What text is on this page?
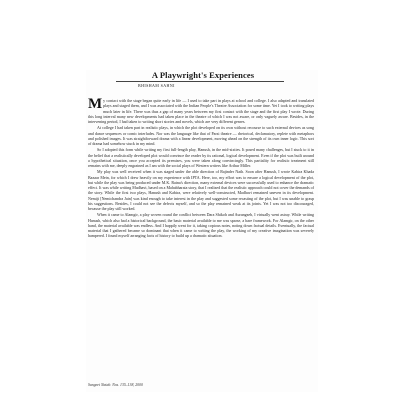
A Playwright's Experiences
BHISHAM SAHNI

My contact with the stage began quite early in life — I used to take part in plays at school and college. I also adapted and translated plays and staged them, and I was associated with the Indian People's Theatre Association for some time. Yet I took to writing plays much later in life. There was thus a gap of many years between my first contact with the stage and the first play I wrote. During this long interval many new developments had taken place in the theatre of which I was not aware, or only vaguely aware. Besides, in the intervening period, I had taken to writing short stories and novels, which are very different genres.

At college I had taken part in realistic plays, in which the plot developed on its own without recourse to such external devices as song and dance sequences or comic interludes. Nor was the language like that of Parsi theatre — rhetorical, declamatory, replete with metaphors and polished images. It was straightforward drama with a linear development, moving ahead on the strength of its own inner logic. This sort of drama had somehow stuck in my mind.

So I adopted this form while writing my first full-length play, Hanush, in the mid-sixties. It posed many challenges, but I stuck to it in the belief that a realistically developed plot would convince the reader by its rational, logical development. Even if the plot was built around a hypothetical situation, once you accepted its premises, you were taken along convincingly. This partiality for realistic treatment still remains with me, deeply engrained as I am with the social plays of Western writers like Arthur Miller.

My play was well received when it was staged under the able direction of Rajinder Nath. Soon after Hanush, I wrote Kabira Khada Bazaar Mein, for which I drew heavily on my experience with IPTA. Here, too, my effort was to ensure a logical development of the plot, but while the play was being produced under M.K. Raina's direction, many external devices were successfully used to enhance the dramatic effect. It was while writing Madhavi, based on a Mahabharata story, that I realized that the realistic approach could not cover the demands of the story. While the first two plays, Hanush and Kabira, were relatively well-constructed, Madhavi remained uneven in its development. Nemiji [Nemichandra Jain] was kind enough to take interest in the play and suggested some recasting of the plot, but I was unable to grasp his suggestions. Besides, I could not see the defects myself, and so the play remained weak at its joints. Yet I was not too discouraged, because the play still worked.

When it came to Alamgir, a play woven round the conflict between Dara Shikoh and Aurangzeb, I virtually went astray. While writing Hanush, which also had a historical background, the basic material available to me was sparse, a bare framework. For Alamgir, on the other hand, the material available was endless. And I happily went for it, taking copious notes, noting down factual details. Eventually, the factual material that I gathered became so dominant that when it came to writing the play, the working of my creative imagination was severely hampered. I found myself arranging facts of history to build up a dramatic situation.

Sangeet Natak: Nos. 135–138, 2000
